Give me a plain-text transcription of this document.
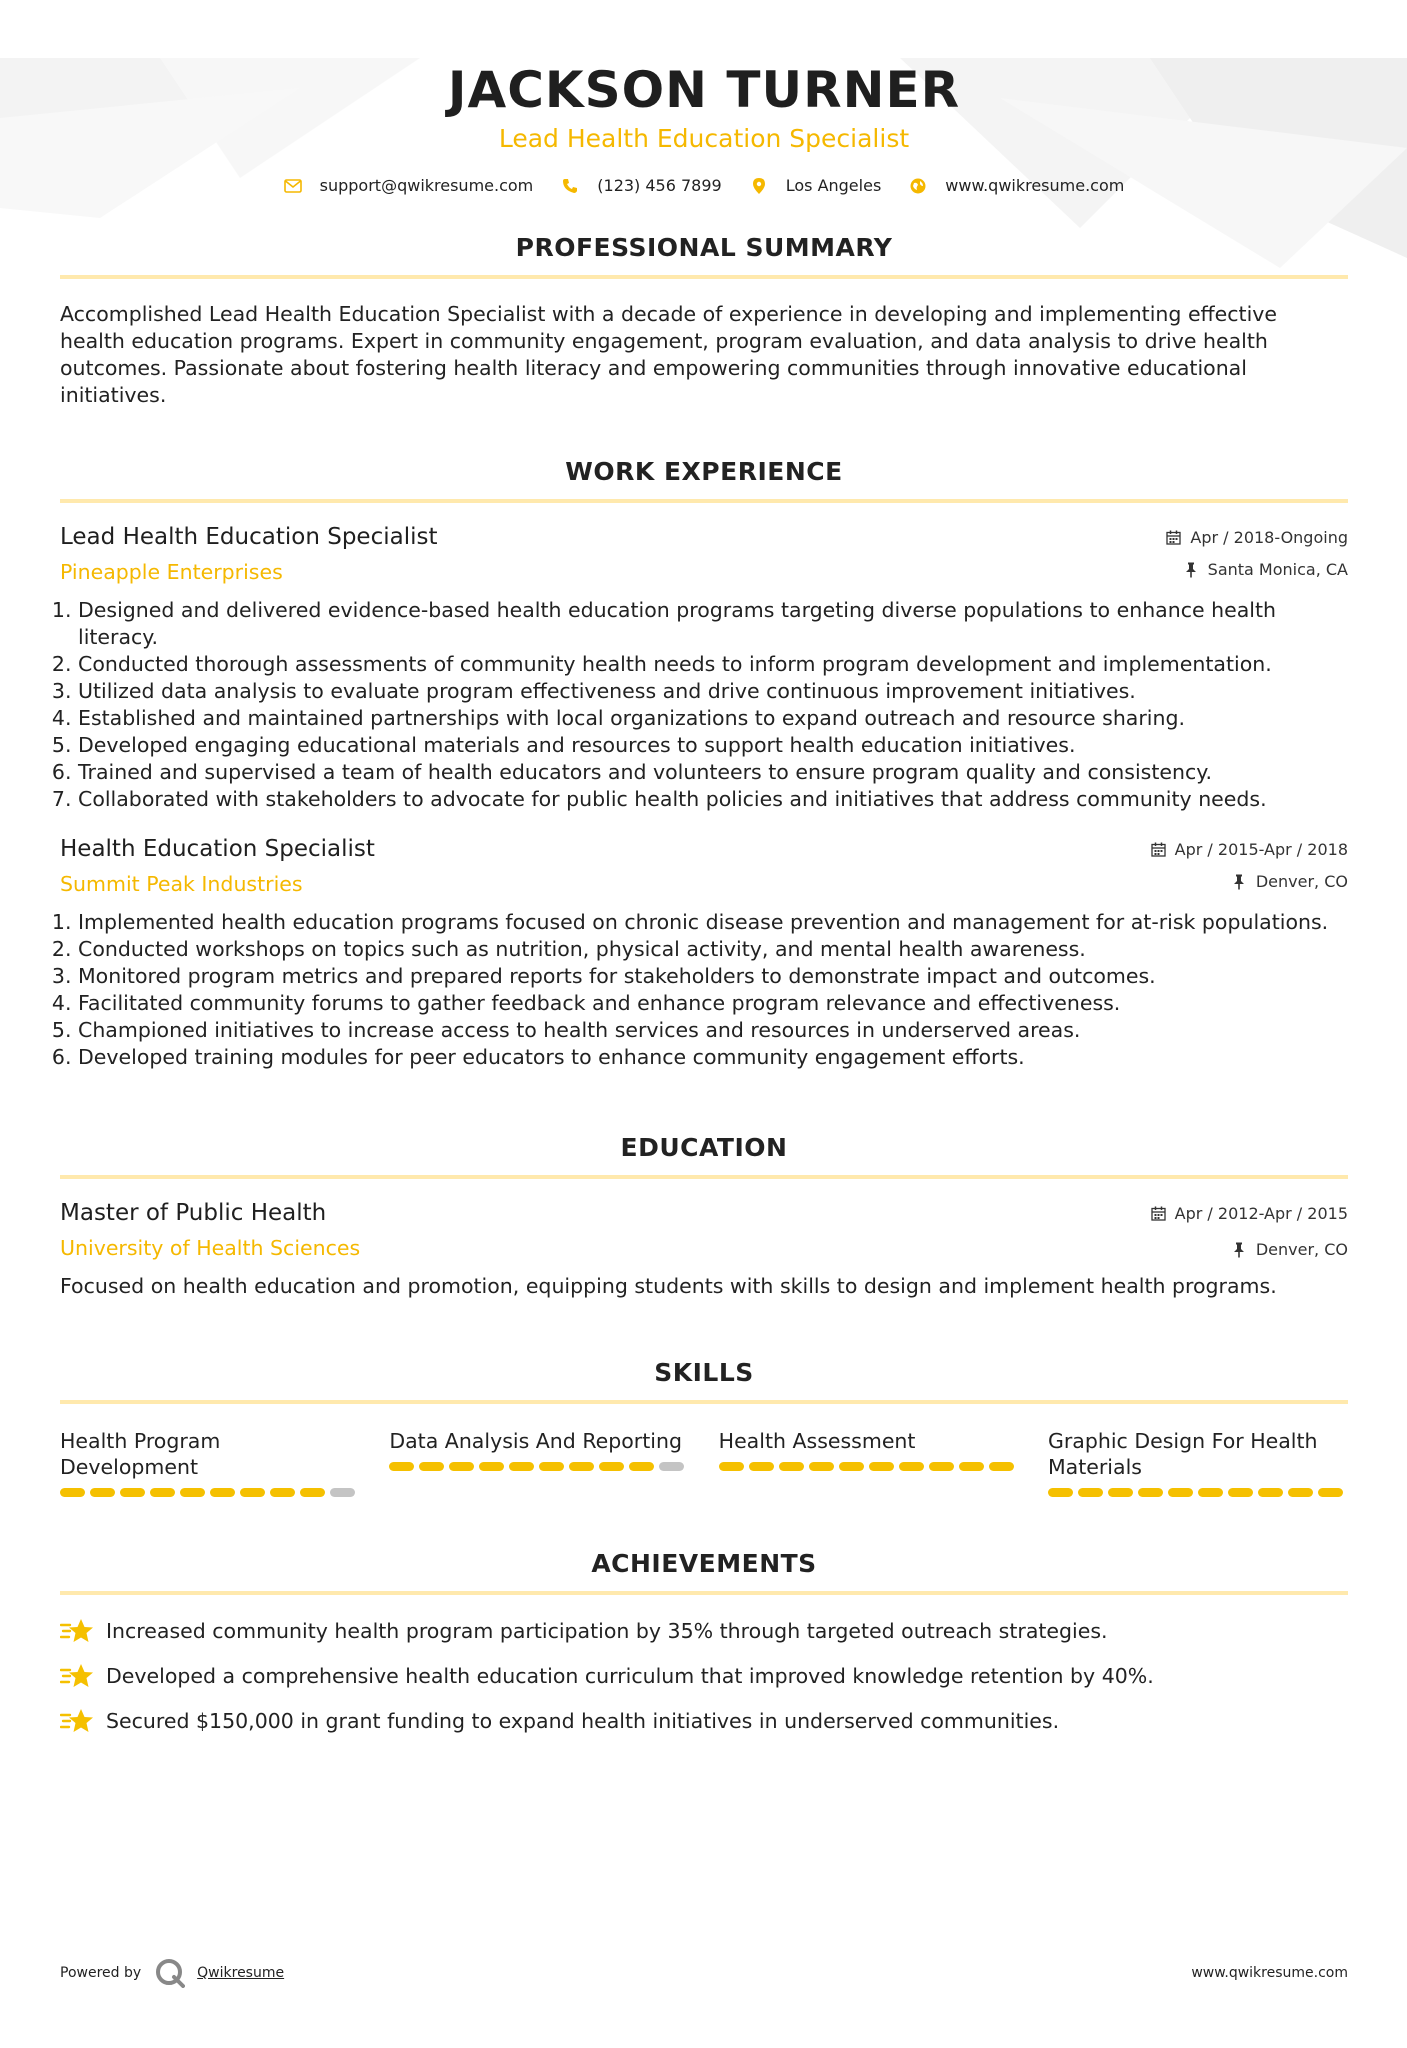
JACKSON TURNER
Lead Health Education Specialist
support@qwikresume.com	(123) 456 7899	Los Angeles	www.qwikresume.com
PROFESSIONAL SUMMARY
Accomplished Lead Health Education Specialist with a decade of experience in developing and implementing effective health education programs. Expert in community engagement, program evaluation, and data analysis to drive health outcomes. Passionate about fostering health literacy and empowering communities through innovative educational initiatives.
WORK EXPERIENCE
Lead Health Education Specialist
Pineapple Enterprises
Apr / 2018-Ongoing
Santa Monica, CA
1. Designed and delivered evidence-based health education programs targeting diverse populations to enhance health literacy.
2. Conducted thorough assessments of community health needs to inform program development and implementation.
3. Utilized data analysis to evaluate program effectiveness and drive continuous improvement initiatives.
4. Established and maintained partnerships with local organizations to expand outreach and resource sharing.
5. Developed engaging educational materials and resources to support health education initiatives.
6. Trained and supervised a team of health educators and volunteers to ensure program quality and consistency.
7. Collaborated with stakeholders to advocate for public health policies and initiatives that address community needs.
Health Education Specialist
Summit Peak Industries
Apr / 2015-Apr / 2018
Denver, CO
1. Implemented health education programs focused on chronic disease prevention and management for at-risk populations.
2. Conducted workshops on topics such as nutrition, physical activity, and mental health awareness.
3. Monitored program metrics and prepared reports for stakeholders to demonstrate impact and outcomes.
4. Facilitated community forums to gather feedback and enhance program relevance and effectiveness.
5. Championed initiatives to increase access to health services and resources in underserved areas.
6. Developed training modules for peer educators to enhance community engagement efforts.
EDUCATION
Master of Public Health
University of Health Sciences
Apr / 2012-Apr / 2015
Denver, CO
Focused on health education and promotion, equipping students with skills to design and implement health programs.
SKILLS
Health Program Development
Data Analysis And Reporting	Health Assessment	Graphic Design For Health Materials
ACHIEVEMENTS
Increased community health program participation by 35% through targeted outreach strategies.
Developed a comprehensive health education curriculum that improved knowledge retention by 40%.
Secured $150,000 in grant funding to expand health initiatives in underserved communities.
Powered by	Qwikresume	www.qwikresume.com
